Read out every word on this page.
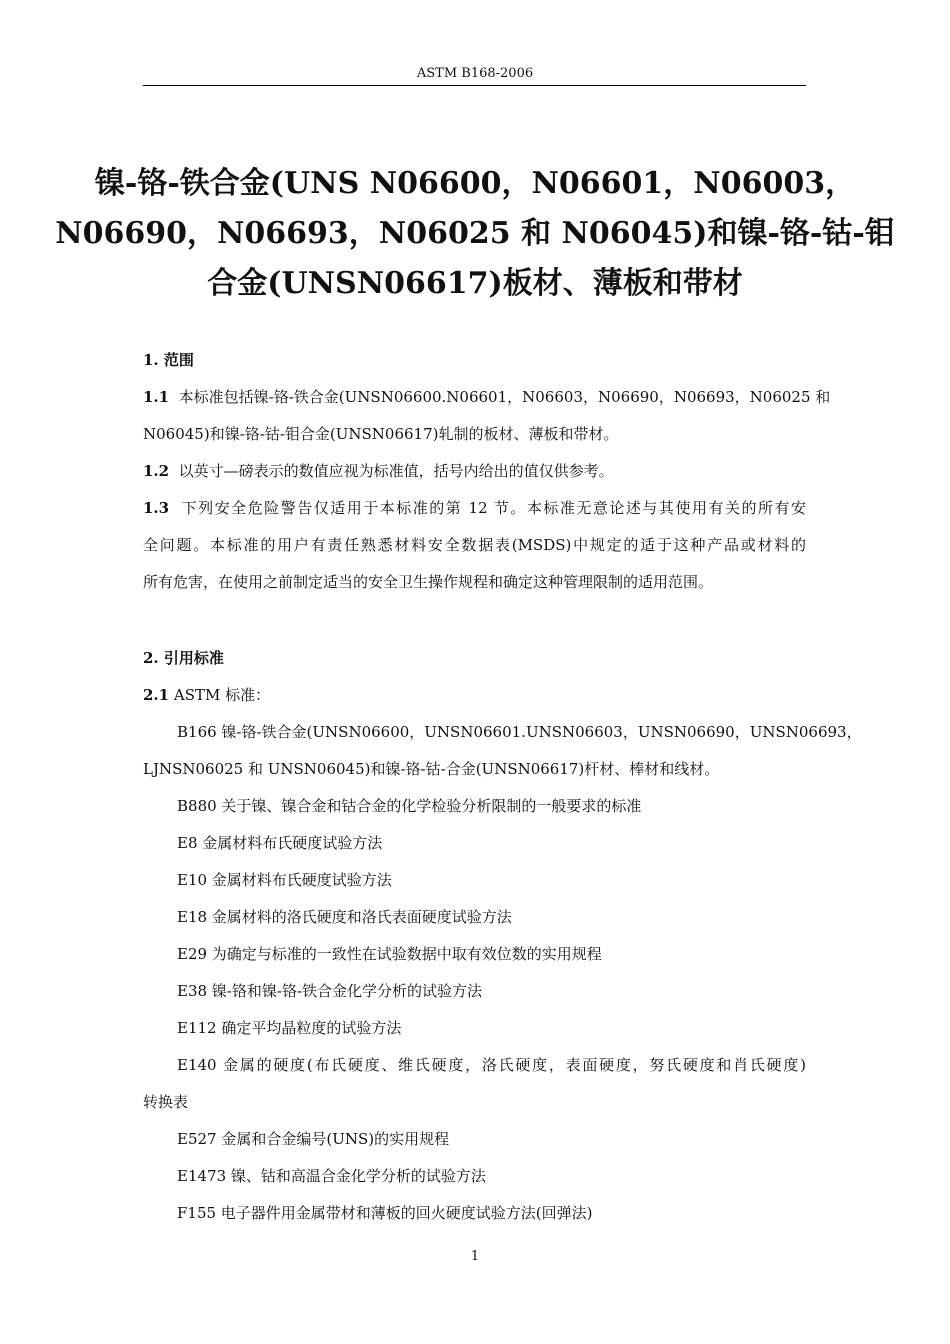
ASTM B168-2006
镍-铬-铁合金(UNS N06600，N06601，N06003，
N06690，N06693，N06025 和 N06045)和镍-铬-钴-钼
合金(UNSN06617)板材、薄板和带材
1. 范围
1.1 本标准包括镍-铬-铁合金(UNSN06600.N06601，N06603，N06690，N06693，N06025 和
N06045)和镍-铬-钴-钼合金(UNSN06617)轧制的板材、薄板和带材。
1.2 以英寸—磅表示的数值应视为标准值，括号内给出的值仅供参考。
1.3 下列安全危险警告仅适用于本标准的第 12 节。本标准无意论述与其使用有关的所有安
全问题。本标准的用户有责任熟悉材料安全数据表(MSDS)中规定的适于这种产品或材料的
所有危害，在使用之前制定适当的安全卫生操作规程和确定这种管理限制的适用范围。
2. 引用标准
2.1 ASTM 标准：
B166 镍-铬-铁合金(UNSN06600，UNSN06601.UNSN06603，UNSN06690，UNSN06693，
LJNSN06025 和 UNSN06045)和镍-铬-钴-合金(UNSN06617)杆材、棒材和线材。
B880 关于镍、镍合金和钴合金的化学检验分析限制的一般要求的标准
E8 金属材料布氏硬度试验方法
E10 金属材料布氏硬度试验方法
E18 金属材料的洛氏硬度和洛氏表面硬度试验方法
E29 为确定与标准的一致性在试验数据中取有效位数的实用规程
E38 镍-铬和镍-铬-铁合金化学分析的试验方法
E112 确定平均晶粒度的试验方法
E140 金属的硬度(布氏硬度、维氏硬度，洛氏硬度，表面硬度，努氏硬度和肖氏硬度)
转换表
E527 金属和合金编号(UNS)的实用规程
E1473 镍、钴和高温合金化学分析的试验方法
F155 电子器件用金属带材和薄板的回火硬度试验方法(回弹法)
1
